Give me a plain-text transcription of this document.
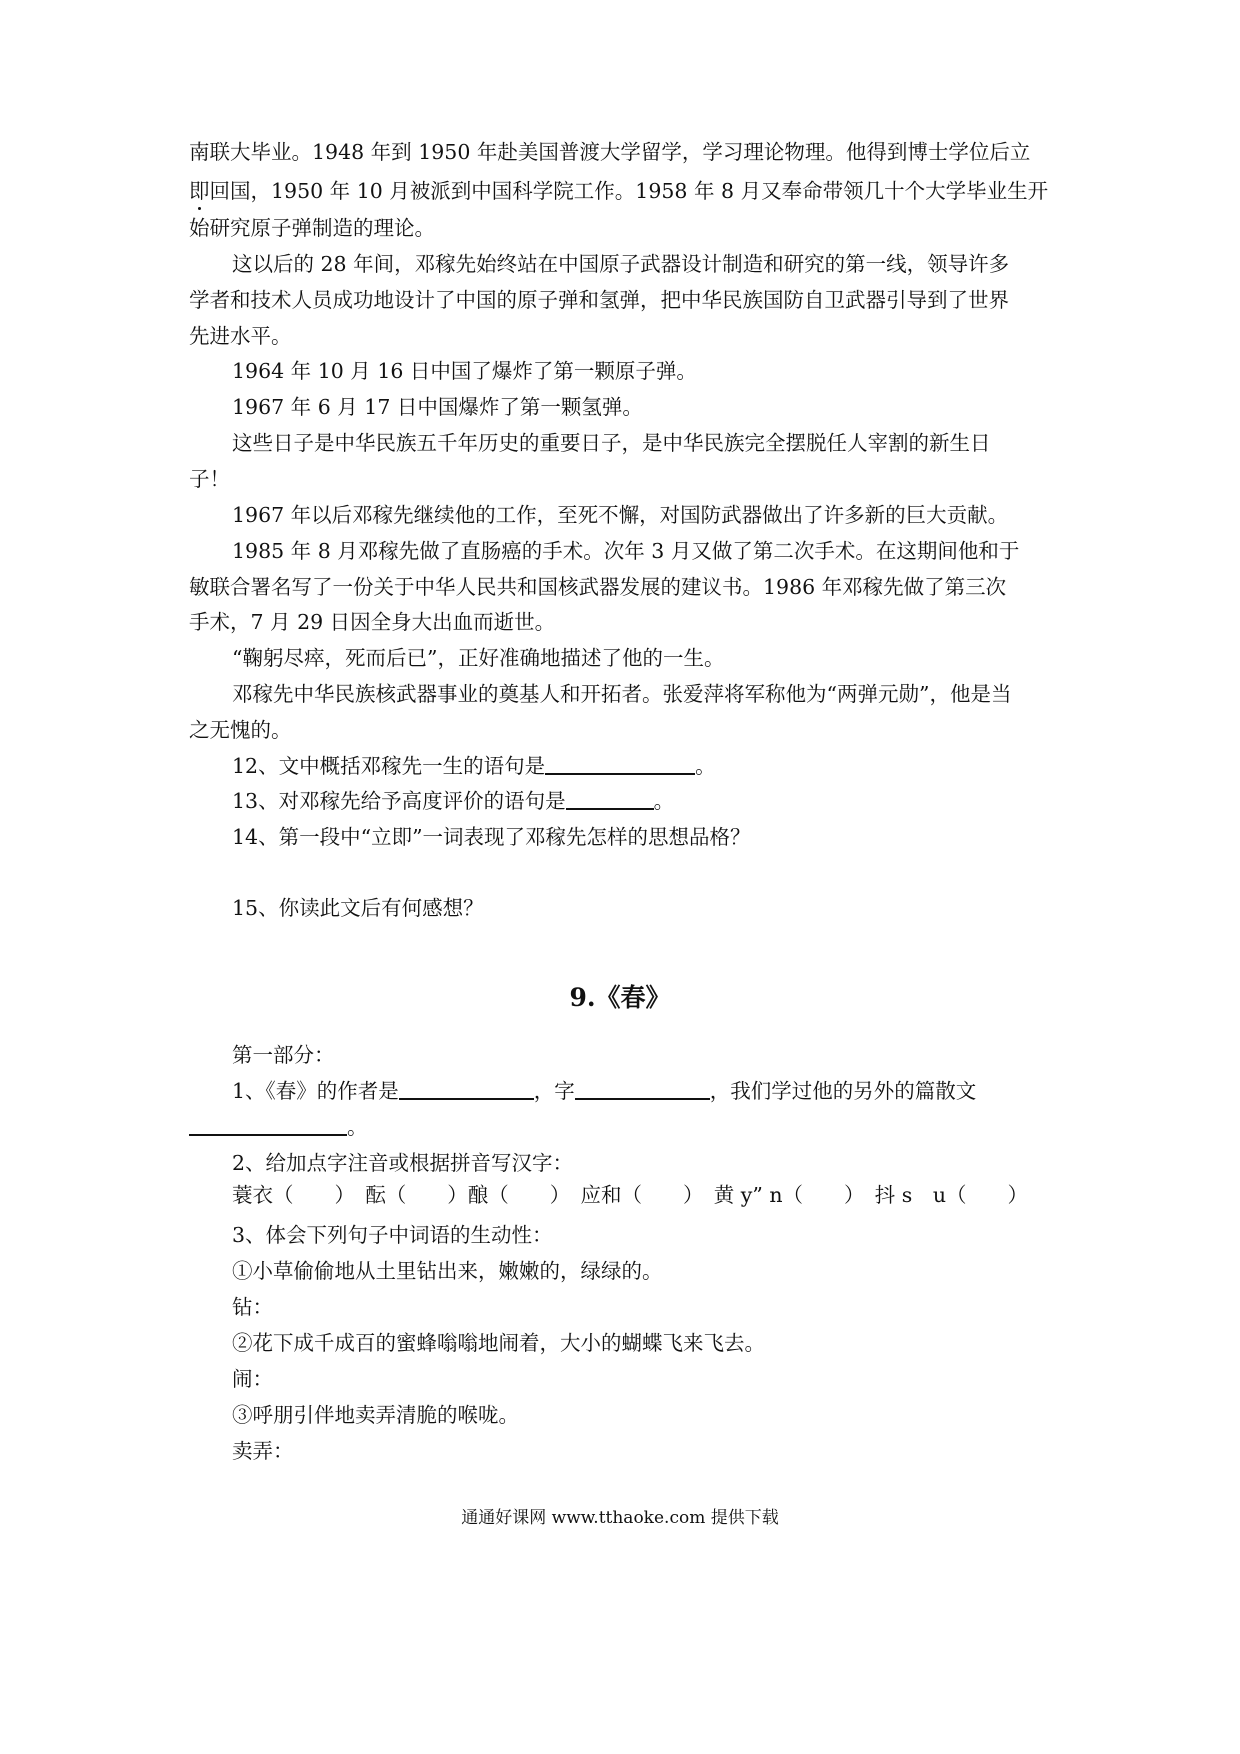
南联大毕业。1948 年到 1950 年赴美国普渡大学留学，学习理论物理。他得到博士学位后立
即回国，1950 年 10 月被派到中国科学院工作。1958 年 8 月又奉命带领几十个大学毕业生开
始研究原子弹制造的理论。
这以后的 28 年间，邓稼先始终站在中国原子武器设计制造和研究的第一线，领导许多
学者和技术人员成功地设计了中国的原子弹和氢弹，把中华民族国防自卫武器引导到了世界
先进水平。
1964 年 10 月 16 日中国了爆炸了第一颗原子弹。
1967 年 6 月 17 日中国爆炸了第一颗氢弹。
这些日子是中华民族五千年历史的重要日子，是中华民族完全摆脱任人宰割的新生日
子！
1967 年以后邓稼先继续他的工作，至死不懈，对国防武器做出了许多新的巨大贡献。
1985 年 8 月邓稼先做了直肠癌的手术。次年 3 月又做了第二次手术。在这期间他和于
敏联合署名写了一份关于中华人民共和国核武器发展的建议书。1986 年邓稼先做了第三次
手术，7 月 29 日因全身大出血而逝世。
“鞠躬尽瘁，死而后已”，正好准确地描述了他的一生。
邓稼先中华民族核武器事业的奠基人和开拓者。张爱萍将军称他为“两弹元勋”，他是当
之无愧的。
12、文中概括邓稼先一生的语句是	。
13、对邓稼先给予高度评价的语句是	。
14、第一段中“立即”一词表现了邓稼先怎样的思想品格？
15、你读此文后有何感想？
9.《春》
第一部分：
1、《春》的作者是	，字	，我们学过他的另外的篇散文
。
2、给加点字注音或根据拼音写汉字：
蓑衣（　　）　酝（　　）酿（　　）　应和（　　）　黄 y” n（　　）　抖 s　u（　　）
3、体会下列句子中词语的生动性：
①小草偷偷地从土里钻出来，嫩嫩的，绿绿的。
钻：
②花下成千成百的蜜蜂嗡嗡地闹着，大小的蝴蝶飞来飞去。
闹：
③呼朋引伴地卖弄清脆的喉咙。
卖弄：
通通好课网 www.tthaoke.com 提供下载
